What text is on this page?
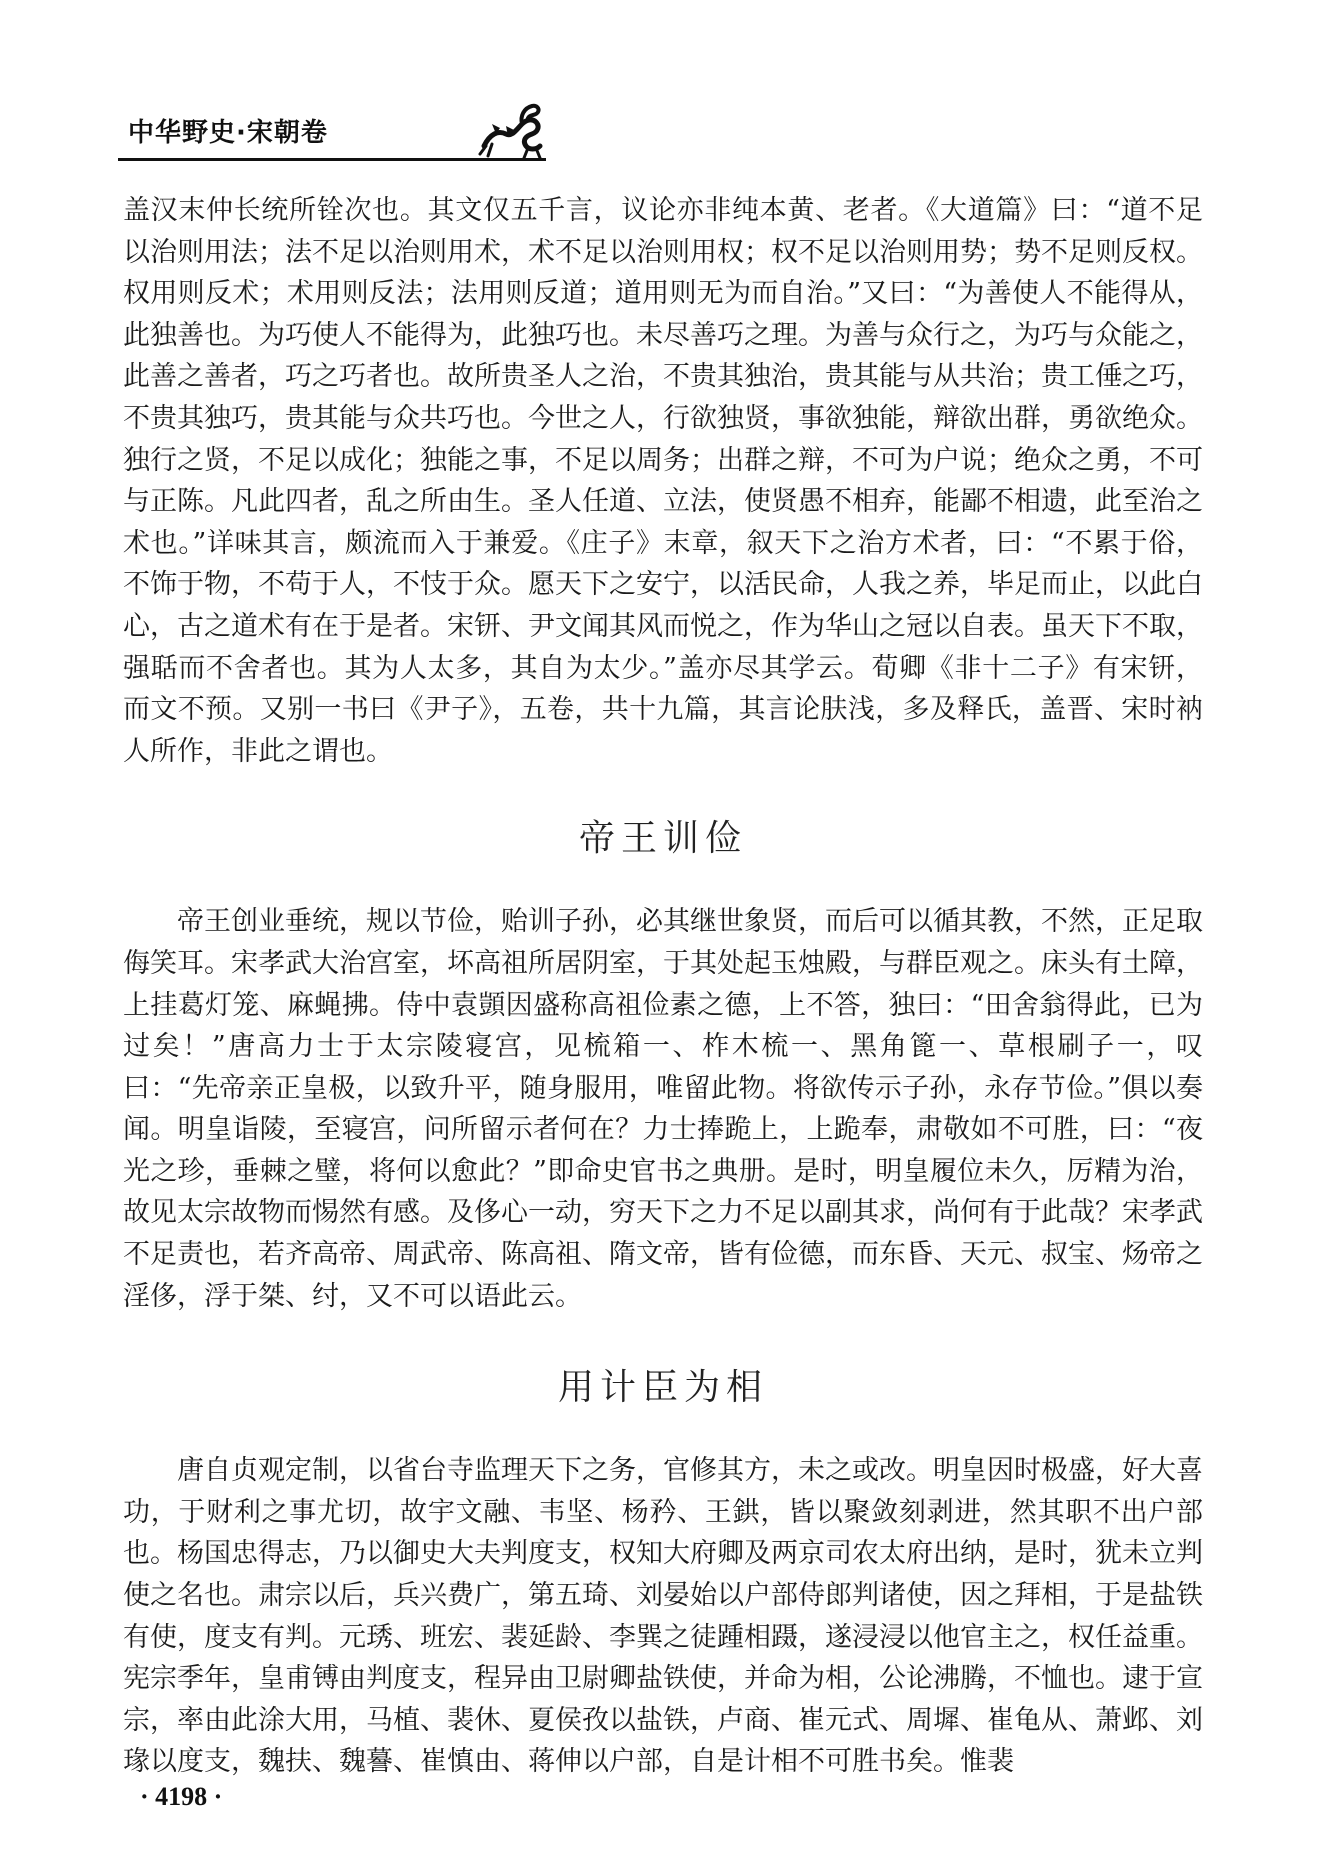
中华野史·宋朝卷

盖汉末仲长统所铨次也。其文仅五千言，议论亦非纯本黄、老者。《大道篇》曰：“道不足以治则用法；法不足以治则用术，术不足以治则用权；权不足以治则用势；势不足则反权。权用则反术；术用则反法；法用则反道；道用则无为而自治。”又曰：“为善使人不能得从，此独善也。为巧使人不能得为，此独巧也。未尽善巧之理。为善与众行之，为巧与众能之，此善之善者，巧之巧者也。故所贵圣人之治，不贵其独治，贵其能与从共治；贵工倕之巧，不贵其独巧，贵其能与众共巧也。今世之人，行欲独贤，事欲独能，辩欲出群，勇欲绝众。独行之贤，不足以成化；独能之事，不足以周务；出群之辩，不可为户说；绝众之勇，不可与正陈。凡此四者，乱之所由生。圣人任道、立法，使贤愚不相弃，能鄙不相遗，此至治之术也。”详味其言，颇流而入于兼爱。《庄子》末章，叙天下之治方术者，曰：“不累于俗，不饰于物，不苟于人，不忮于众。愿天下之安宁，以活民命，人我之养，毕足而止，以此白心，古之道术有在于是者。宋钘、尹文闻其风而悦之，作为华山之冠以自表。虽天下不取，强聒而不舍者也。其为人太多，其自为太少。”盖亦尽其学云。荀卿《非十二子》有宋钘，而文不预。又别一书曰《尹子》，五卷，共十九篇，其言论肤浅，多及释氏，盖晋、宋时衲人所作，非此之谓也。

帝王训俭

帝王创业垂统，规以节俭，贻训子孙，必其继世象贤，而后可以循其教，不然，正足取侮笑耳。宋孝武大治宫室，坏高祖所居阴室，于其处起玉烛殿，与群臣观之。床头有土障，上挂葛灯笼、麻蝇拂。侍中袁顗因盛称高祖俭素之德，上不答，独曰：“田舍翁得此，已为过矣！”唐高力士于太宗陵寝宫，见梳箱一、柞木梳一、黑角篦一、草根刷子一，叹曰：“先帝亲正皇极，以致升平，随身服用，唯留此物。将欲传示子孙，永存节俭。”俱以奏闻。明皇诣陵，至寝宫，问所留示者何在？力士捧跪上，上跪奉，肃敬如不可胜，曰：“夜光之珍，垂棘之璧，将何以愈此？”即命史官书之典册。是时，明皇履位未久，厉精为治，故见太宗故物而惕然有感。及侈心一动，穷天下之力不足以副其求，尚何有于此哉？宋孝武不足责也，若齐高帝、周武帝、陈高祖、隋文帝，皆有俭德，而东昏、天元、叔宝、炀帝之淫侈，浮于桀、纣，又不可以语此云。

用计臣为相

唐自贞观定制，以省台寺监理天下之务，官修其方，未之或改。明皇因时极盛，好大喜功，于财利之事尤切，故宇文融、韦坚、杨矜、王鉷，皆以聚敛刻剥进，然其职不出户部也。杨国忠得志，乃以御史大夫判度支，权知大府卿及两京司农太府出纳，是时，犹未立判使之名也。肃宗以后，兵兴费广，第五琦、刘晏始以户部侍郎判诸使，因之拜相，于是盐铁有使，度支有判。元琇、班宏、裴延龄、李巽之徒踵相蹑，遂浸浸以他官主之，权任益重。宪宗季年，皇甫镈由判度支，程异由卫尉卿盐铁使，并命为相，公论沸腾，不恤也。逮于宣宗，率由此涂大用，马植、裴休、夏侯孜以盐铁，卢商、崔元式、周墀、崔龟从、萧邺、刘瑑以度支，魏扶、魏謩、崔慎由、蒋伸以户部，自是计相不可胜书矣。惟裴

· 4198 ·
